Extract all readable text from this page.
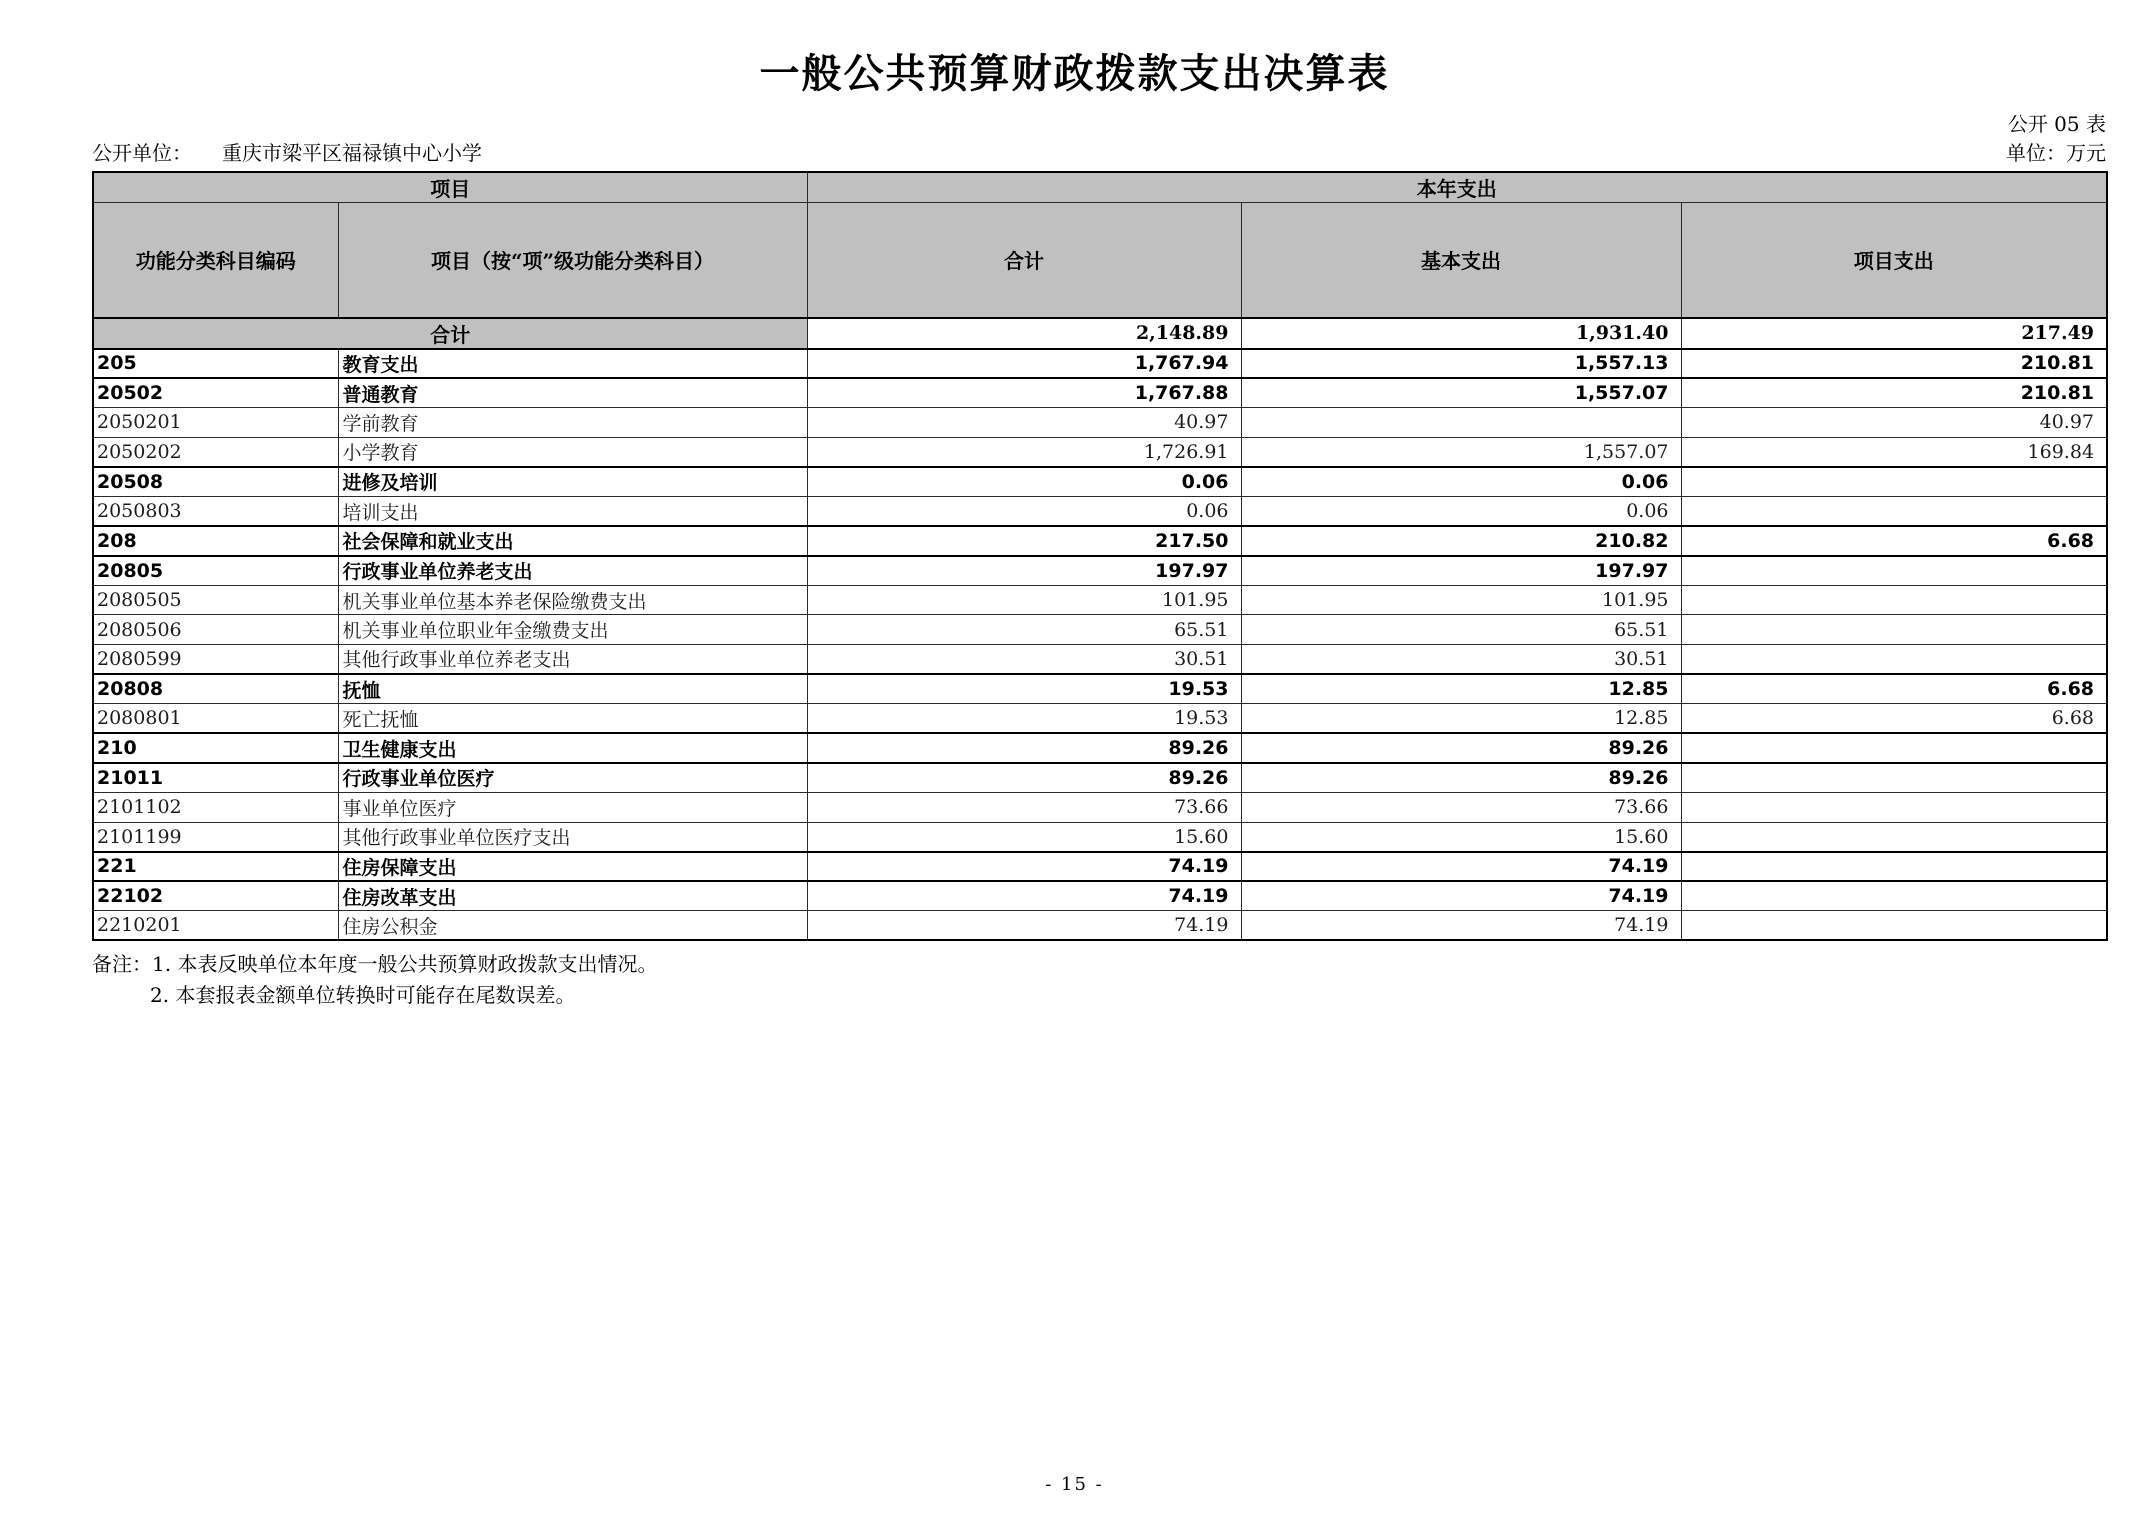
一般公共预算财政拨款支出决算表
公开 05 表
公开单位： 重庆市梁平区福禄镇中心小学	单位：万元
项目		本年支出		
功能分类科目编码	项目（按“项”级功能分类科目）	合计	基本支出	项目支出
合计		2,148.89	1,931.40	217.49
205	教育支出	1,767.94	1,557.13	210.81
20502	普通教育	1,767.88	1,557.07	210.81
2050201	学前教育	40.97		40.97
2050202	小学教育	1,726.91	1,557.07	169.84
20508	进修及培训	0.06	0.06	
2050803	培训支出	0.06	0.06	
208	社会保障和就业支出	217.50	210.82	6.68
20805	行政事业单位养老支出	197.97	197.97	
2080505	机关事业单位基本养老保险缴费支出	101.95	101.95	
2080506	机关事业单位职业年金缴费支出	65.51	65.51	
2080599	其他行政事业单位养老支出	30.51	30.51	
20808	抚恤	19.53	12.85	6.68
2080801	死亡抚恤	19.53	12.85	6.68
210	卫生健康支出	89.26	89.26	
21011	行政事业单位医疗	89.26	89.26	
2101102	事业单位医疗	73.66	73.66	
2101199	其他行政事业单位医疗支出	15.60	15.60	
221	住房保障支出	74.19	74.19	
22102	住房改革支出	74.19	74.19	
2210201	住房公积金	74.19	74.19	
备注：1. 本表反映单位本年度一般公共预算财政拨款支出情况。
2. 本套报表金额单位转换时可能存在尾数误差。
- 15 -
